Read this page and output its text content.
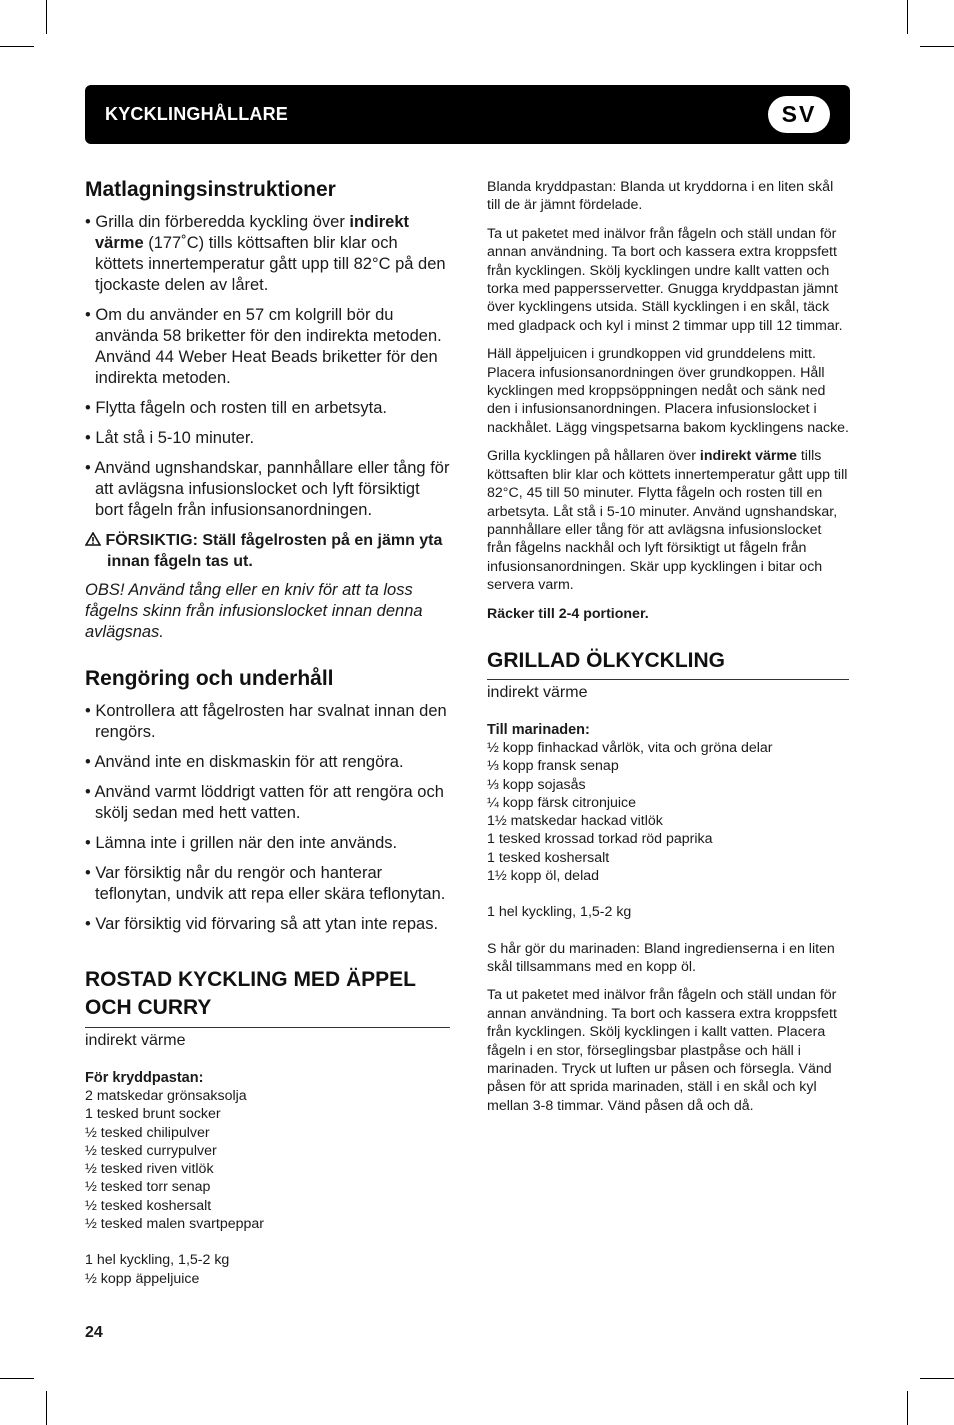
KYCKLINGHÅLLARE	SV
Matlagningsinstruktioner

• Grilla din förberedda kyckling över indirekt värme (177˚C) tills köttsaften blir klar och köttets innertemperatur gått upp till 82°C på den tjockaste delen av låret.

• Om du använder en 57 cm kolgrill bör du använda 58 briketter för den indirekta metoden. Använd 44 Weber Heat Beads briketter för den indirekta metoden.

• Flytta fågeln och rosten till en arbetsyta.

• Låt stå i 5-10 minuter.

• Använd ugnshandskar, pannhållare eller tång för att avlägsna infusionslocket och lyft försiktigt bort fågeln från infusionsanordningen.

FÖRSIKTIG: Ställ fågelrosten på en jämn yta innan fågeln tas ut.

OBS! Använd tång eller en kniv för att ta loss fågelns skinn från infusionslocket innan denna avlägsnas.

Rengöring och underhåll

• Kontrollera att fågelrosten har svalnat innan den rengörs.

• Använd inte en diskmaskin för att rengöra.

• Använd varmt löddrigt vatten för att rengöra och skölj sedan med hett vatten.

• Lämna inte i grillen när den inte används.

• Var försiktig når du rengör och hanterar teflonytan, undvik att repa eller skära teflonytan.

• Var försiktig vid förvaring så att ytan inte repas.

ROSTAD KYCKLING MED ÄPPEL OCH CURRY

indirekt värme

För kryddpastan:

2 matskedar grönsaksolja

1 tesked brunt socker

½ tesked chilipulver

½ tesked currypulver

½ tesked riven vitlök

½ tesked torr senap

½ tesked koshersalt

½ tesked malen svartpeppar

1 hel kyckling, 1,5-2 kg

½ kopp äppeljuice

Blanda kryddpastan: Blanda ut kryddorna i en liten skål till de är jämnt fördelade.

Ta ut paketet med inälvor från fågeln och ställ undan för annan användning. Ta bort och kassera extra kroppsfett från kycklingen. Skölj kycklingen undre kallt vatten och torka med pappersservetter. Gnugga kryddpastan jämnt över kycklingens utsida. Ställ kycklingen i en skål, täck med gladpack och kyl i minst 2 timmar upp till 12 timmar.

Häll äppeljuicen i grundkoppen vid grunddelens mitt. Placera infusionsanordningen över grundkoppen. Håll kycklingen med kroppsöppningen nedåt och sänk ned den i infusionsanordningen. Placera infusionslocket i nackhålet. Lägg vingspetsarna bakom kycklingens nacke.

Grilla kycklingen på hållaren över indirekt värme tills köttsaften blir klar och köttets innertemperatur gått upp till 82°C, 45 till 50 minuter. Flytta fågeln och rosten till en arbetsyta. Låt stå i 5-10 minuter. Använd ugnshandskar, pannhållare eller tång för att avlägsna infusionslocket från fågelns nackhål och lyft försiktigt ut fågeln från infusionsanordningen. Skär upp kycklingen i bitar och servera varm.

Räcker till 2-4 portioner.

GRILLAD ÖLKYCKLING

indirekt värme

Till marinaden:

½ kopp finhackad vårlök, vita och gröna delar

⅓ kopp fransk senap

⅓ kopp sojasås

¼ kopp färsk citronjuice

1½ matskedar hackad vitlök

1 tesked krossad torkad röd paprika

1 tesked koshersalt

1½ kopp öl, delad

1 hel kyckling, 1,5-2 kg

S hår gör du marinaden: Bland ingredienserna i en liten skål tillsammans med en kopp öl.

Ta ut paketet med inälvor från fågeln och ställ undan för annan användning. Ta bort och kassera extra kroppsfett från kycklingen. Skölj kycklingen i kallt vatten. Placera fågeln i en stor, förseglingsbar plastpåse och häll i marinaden. Tryck ut luften ur påsen och försegla. Vänd påsen för att sprida marinaden, ställ i en skål och kyl mellan 3-8 timmar. Vänd påsen då och då.

24
